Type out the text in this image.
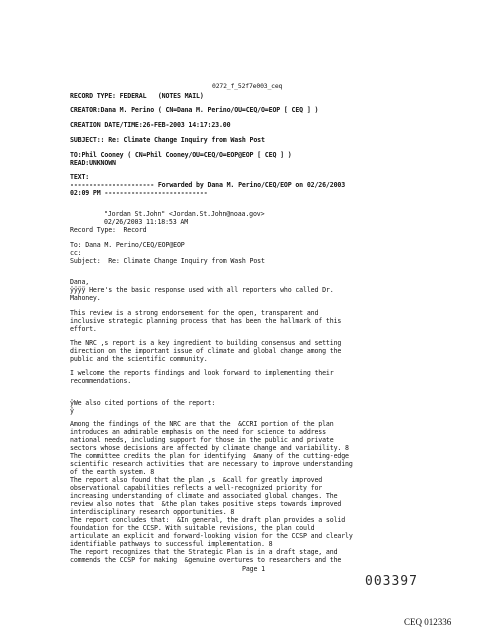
0272_f_52f7e003_ceq
RECORD TYPE: FEDERAL   (NOTES MAIL)
CREATOR:Dana M. Perino ( CN=Dana M. Perino/OU=CEQ/O=EOP [ CEQ ] )
CREATION DATE/TIME:26-FEB-2003 14:17:23.00
SUBJECT:: Re: Climate Change Inquiry from Wash Post
TO:Phil Cooney ( CN=Phil Cooney/OU=CEQ/O=EOP@EOP [ CEQ ] )
READ:UNKNOWN
TEXT:
---------------------- Forwarded by Dana M. Perino/CEQ/EOP on 02/26/2003
02:09 PM ---------------------------
"Jordan St.John" <Jordan.St.John@noaa.gov>
02/26/2003 11:18:53 AM
Record Type:  Record
To: Dana M. Perino/CEQ/EOP@EOP
cc:
Subject:  Re: Climate Change Inquiry from Wash Post
Dana,
ÿÿÿÿ Here's the basic response used with all reporters who called Dr.
Mahoney.
This review is a strong endorsement for the open, transparent and
inclusive strategic planning process that has been the hallmark of this
effort.
The NRC ,s report is a key ingredient to building consensus and setting
direction on the important issue of climate and global change among the
public and the scientific community.
I welcome the reports findings and look forward to implementing their
recommendations.
ÿWe also cited portions of the report:
ÿ
Among the findings of the NRC are that the  &CCRI portion of the plan
introduces an admirable emphasis on the need for science to address
national needs, including support for those in the public and private
sectors whose decisions are affected by climate change and variability. 8
The committee credits the plan for identifying  &many of the cutting-edge
scientific research activities that are necessary to improve understanding
of the earth system. 8
The report also found that the plan ,s  &call for greatly improved
observational capabilities reflects a well-recognized priority for
increasing understanding of climate and associated global changes. The
review also notes that  &the plan takes positive steps towards improved
interdisciplinary research opportunities. 8
The report concludes that:  &In general, the draft plan provides a solid
foundation for the CCSP. With suitable revisions, the plan could
articulate an explicit and forward-looking vision for the CCSP and clearly
identifiable pathways to successful implementation. 8
The report recognizes that the Strategic Plan is in a draft stage, and
commends the CCSP for making  &genuine overtures to researchers and the
Page 1
003397
CEQ 012336
